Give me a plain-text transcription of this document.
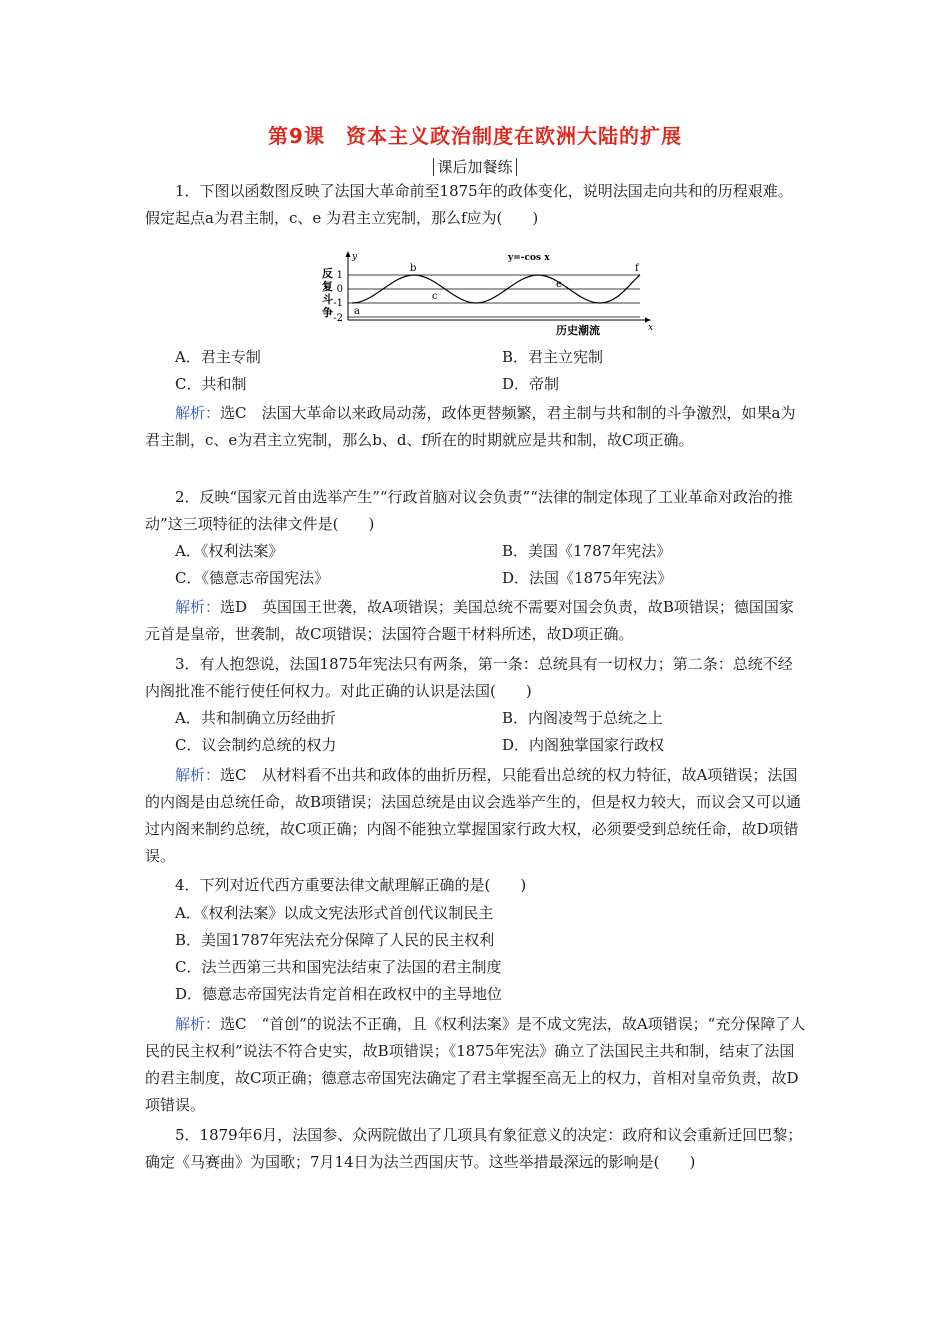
第9课　资本主义政治制度在欧洲大陆的扩展
课后加餐练

1．下图以函数图反映了法国大革命前至1875年的政体变化，说明法国走向共和的历程艰难。假定起点a为君主制，c、e 为君主立宪制，那么f应为(　　)

y
x
1
0
-1
-2
反
复
斗
争
y=-cos x
a
b
c
e
f
历史潮流
A．君主专制	B．君主立宪制
C．共和制	D．帝制

解析：选C　法国大革命以来政局动荡，政体更替频繁，君主制与共和制的斗争激烈，如果a为君主制，c、e为君主立宪制，那么b、d、f所在的时期就应是共和制，故C项正确。

2．反映“国家元首由选举产生”“行政首脑对议会负责”“法律的制定体现了工业革命对政治的推动”这三项特征的法律文件是(　　)

A．《权利法案》	B．美国《1787年宪法》
C．《德意志帝国宪法》	D．法国《1875年宪法》

解析：选D　英国国王世袭，故A项错误；美国总统不需要对国会负责，故B项错误；德国国家元首是皇帝，世袭制，故C项错误；法国符合题干材料所述，故D项正确。

3．有人抱怨说，法国1875年宪法只有两条，第一条：总统具有一切权力；第二条：总统不经内阁批准不能行使任何权力。对此正确的认识是法国(　　)

A．共和制确立历经曲折	B．内阁凌驾于总统之上
C．议会制约总统的权力	D．内阁独掌国家行政权

解析：选C　从材料看不出共和政体的曲折历程，只能看出总统的权力特征，故A项错误；法国的内阁是由总统任命，故B项错误；法国总统是由议会选举产生的，但是权力较大，而议会又可以通过内阁来制约总统，故C项正确；内阁不能独立掌握国家行政大权，必须要受到总统任命，故D项错误。

4．下列对近代西方重要法律文献理解正确的是(　　)

A．《权利法案》以成文宪法形式首创代议制民主
B．美国1787年宪法充分保障了人民的民主权利
C．法兰西第三共和国宪法结束了法国的君主制度
D．德意志帝国宪法肯定首相在政权中的主导地位

解析：选C　“首创”的说法不正确，且《权利法案》是不成文宪法，故A项错误；“充分保障了人民的民主权利”说法不符合史实，故B项错误；《1875年宪法》确立了法国民主共和制，结束了法国的君主制度，故C项正确；德意志帝国宪法确定了君主掌握至高无上的权力，首相对皇帝负责，故D项错误。

5．1879年6月，法国参、众两院做出了几项具有象征意义的决定：政府和议会重新迁回巴黎；确定《马赛曲》为国歌；7月14日为法兰西国庆节。这些举措最深远的影响是(　　)
